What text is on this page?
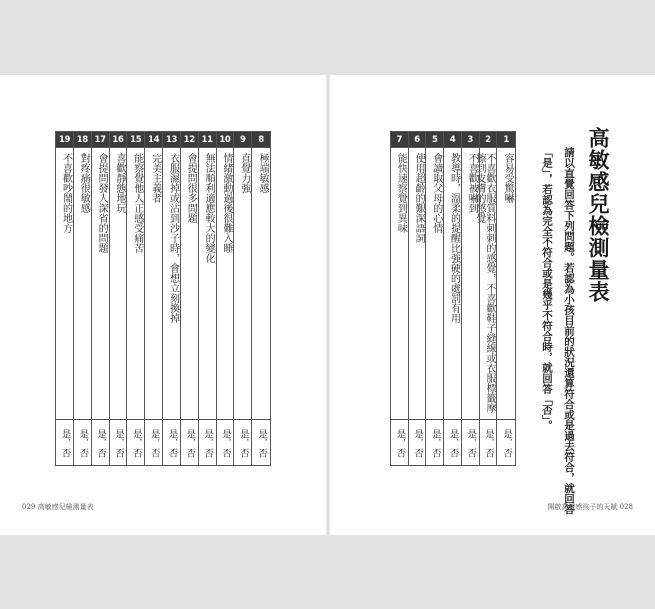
8
極端敏感
是．否
9
直覺力強
是．否
10
情緒激動過後很難入睡
是．否
11
無法順利適應較大的變化
是．否
12
會提問很多問題
是．否
13
衣服濕掉或沾到沙子時，會想立刻換掉
是．否
14
完美主義者
是．否
15
能察覺他人正感受痛苦
是．否
16
喜歡靜態地玩
是．否
17
會提問發人深省的問題
是．否
18
對疼痛很敏感
是．否
19
不喜歡吵鬧的地方
是．否
1
容易受驚嚇
是．否
2
不喜歡衣服質料刺刺的感覺，不喜歡鞋子縫線或衣服標籤摩擦到皮膚的感覺
是．否
3
不喜歡被嚇到
是．否
4
教導時，溫柔的提醒比強硬的處罰有用
是．否
5
會讀取父母的心情
是．否
6
使用超齡的艱深語詞
是．否
7
能快速察覺到異味
是．否
高敏感兒檢測量表
請以直覺回答下列問題。若認為小孩目前的狀況還算符合或是過去符合，就回答
「是」，若認為完全不符合或是幾乎不符合時，就回答「否」。
029 高敏感兒檢測量表	開啟高敏感孩子的天賦 028
